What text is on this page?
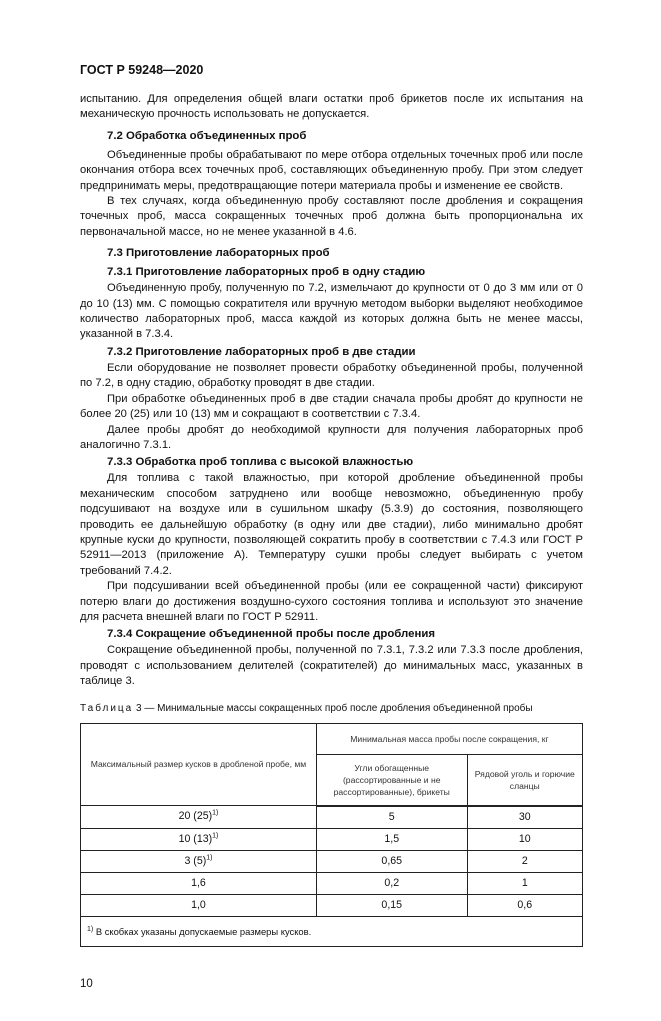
ГОСТ Р 59248—2020

испытанию. Для определения общей влаги остатки проб брикетов после их испытания на механическую прочность использовать не допускается.

7.2 Обработка объединенных проб

Объединенные пробы обрабатывают по мере отбора отдельных точечных проб или после окончания отбора всех точечных проб, составляющих объединенную пробу. При этом следует предпринимать меры, предотвращающие потери материала пробы и изменение ее свойств.

В тех случаях, когда объединенную пробу составляют после дробления и сокращения точечных проб, масса сокращенных точечных проб должна быть пропорциональна их первоначальной массе, но не менее указанной в 4.6.

7.3 Приготовление лабораторных проб
7.3.1 Приготовление лабораторных проб в одну стадию

Объединенную пробу, полученную по 7.2, измельчают до крупности от 0 до 3 мм или от 0 до 10 (13) мм. С помощью сократителя или вручную методом выборки выделяют необходимое количество лабораторных проб, масса каждой из которых должна быть не менее массы, указанной в 7.3.4.

7.3.2 Приготовление лабораторных проб в две стадии

Если оборудование не позволяет провести обработку объединенной пробы, полученной по 7.2, в одну стадию, обработку проводят в две стадии.

При обработке объединенных проб в две стадии сначала пробы дробят до крупности не более 20 (25) или 10 (13) мм и сокращают в соответствии с 7.3.4.

Далее пробы дробят до необходимой крупности для получения лабораторных проб аналогично 7.3.1.

7.3.3 Обработка проб топлива с высокой влажностью

Для топлива с такой влажностью, при которой дробление объединенной пробы механическим способом затруднено или вообще невозможно, объединенную пробу подсушивают на воздухе или в сушильном шкафу (5.3.9) до состояния, позволяющего проводить ее дальнейшую обработку (в одну или две стадии), либо минимально дробят крупные куски до крупности, позволяющей сократить пробу в соответствии с 7.4.3 или ГОСТ Р 52911—2013 (приложение А). Температуру сушки пробы следует выбирать с учетом требований 7.4.2.

При подсушивании всей объединенной пробы (или ее сокращенной части) фиксируют потерю влаги до достижения воздушно-сухого состояния топлива и используют это значение для расчета внешней влаги по ГОСТ Р 52911.

7.3.4 Сокращение объединенной пробы после дробления

Сокращение объединенной пробы, полученной по 7.3.1, 7.3.2 или 7.3.3 после дробления, проводят с использованием делителей (сократителей) до минимальных масс, указанных в таблице 3.

Таблица 3 — Минимальные массы сокращенных проб после дробления объединенной пробы
Максимальный размер кусков в дробленой пробе, мм	Минимальная масса пробы после сокращения, кг	
	Угли обогащенные (рассортированные и не рассортированные), брикеты	Рядовой уголь и горючие сланцы
20 $(25)^{1)}$	5	30
10 $(13)^{1)}$	1,5	10
3 $(5)^{1)}$	0,65	2
1,6	0,2	1
1,0	0,15	0,6
$^{1)}$ В скобках указаны допускаемые размеры кусков.		
10
